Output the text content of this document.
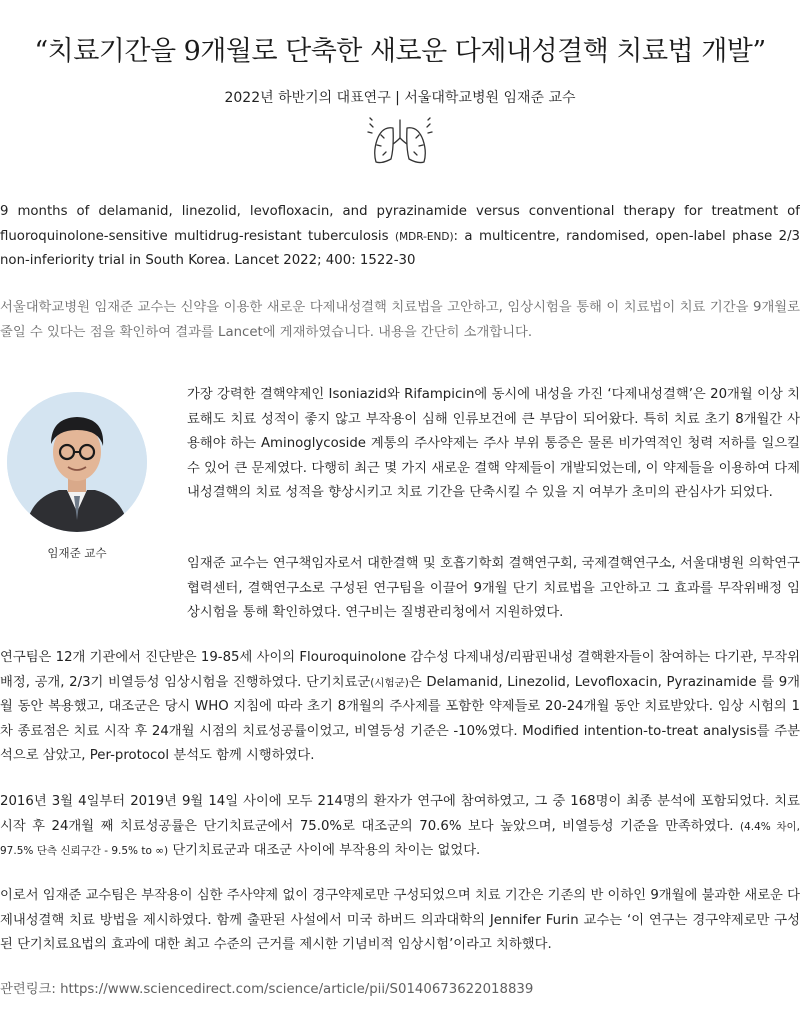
“치료기간을 9개월로 단축한 새로운 다제내성결핵 치료법 개발”
2022년 하반기의 대표연구 | 서울대학교병원 임재준 교수

9 months of delamanid, linezolid, levofloxacin, and pyrazinamide versus conventional therapy for treatment of fluoroquinolone-sensitive multidrug-resistant tuberculosis (MDR-END): a multicentre, randomised, open-label phase 2/3 non-inferiority trial in South Korea. Lancet 2022; 400: 1522-30

서울대학교병원 임재준 교수는 신약을 이용한 새로운 다제내성결핵 치료법을 고안하고, 임상시험을 통해 이 치료법이 치료 기간을 9개월로 줄일 수 있다는 점을 확인하여 결과를 Lancet에 게재하였습니다. 내용을 간단히 소개합니다.

임재준 교수

가장 강력한 결핵약제인 Isoniazid와 Rifampicin에 동시에 내성을 가진 ‘다제내성결핵’은 20개월 이상 치료해도 치료 성적이 좋지 않고 부작용이 심해 인류보건에 큰 부담이 되어왔다. 특히 치료 초기 8개월간 사용해야 하는 Aminoglycoside 계통의 주사약제는 주사 부위 통증은 물론 비가역적인 청력 저하를 일으킬 수 있어 큰 문제였다. 다행히 최근 몇 가지 새로운 결핵 약제들이 개발되었는데, 이 약제들을 이용하여 다제내성결핵의 치료 성적을 향상시키고 치료 기간을 단축시킬 수 있을 지 여부가 초미의 관심사가 되었다.

임재준 교수는 연구책임자로서 대한결핵 및 호흡기학회 결핵연구회, 국제결핵연구소, 서울대병원 의학연구협력센터, 결핵연구소로 구성된 연구팀을 이끌어 9개월 단기 치료법을 고안하고 그 효과를 무작위배정 임상시험을 통해 확인하였다. 연구비는 질병관리청에서 지원하였다.

연구팀은 12개 기관에서 진단받은 19-85세 사이의 Flouroquinolone 감수성 다제내성/리팜핀내성 결핵환자들이 참여하는 다기관, 무작위배정, 공개, 2/3기 비열등성 임상시험을 진행하였다. 단기치료군(시험군)은 Delamanid, Linezolid, Levofloxacin, Pyrazinamide 를 9개월 동안 복용했고, 대조군은 당시 WHO 지침에 따라 초기 8개월의 주사제를 포함한 약제들로 20-24개월 동안 치료받았다. 임상 시험의 1차 종료점은 치료 시작 후 24개월 시점의 치료성공률이었고, 비열등성 기준은 -10%였다. Modified intention-to-treat analysis를 주분석으로 삼았고, Per-protocol 분석도 함께 시행하였다.

2016년 3월 4일부터 2019년 9월 14일 사이에 모두 214명의 환자가 연구에 참여하였고, 그 중 168명이 최종 분석에 포함되었다. 치료 시작 후 24개월 째 치료성공률은 단기치료군에서 75.0%로 대조군의 70.6% 보다 높았으며, 비열등성 기준을 만족하였다. (4.4% 차이, 97.5% 단측 신뢰구간 - 9.5% to ∞) 단기치료군과 대조군 사이에 부작용의 차이는 없었다.

이로서 임재준 교수팀은 부작용이 심한 주사약제 없이 경구약제로만 구성되었으며 치료 기간은 기존의 반 이하인 9개월에 불과한 새로운 다제내성결핵 치료 방법을 제시하였다. 함께 출판된 사설에서 미국 하버드 의과대학의 Jennifer Furin 교수는 ‘이 연구는 경구약제로만 구성된 단기치료요법의 효과에 대한 최고 수준의 근거를 제시한 기념비적 임상시험’이라고 치하했다.

관련링크: https://www.sciencedirect.com/science/article/pii/S0140673622018839
